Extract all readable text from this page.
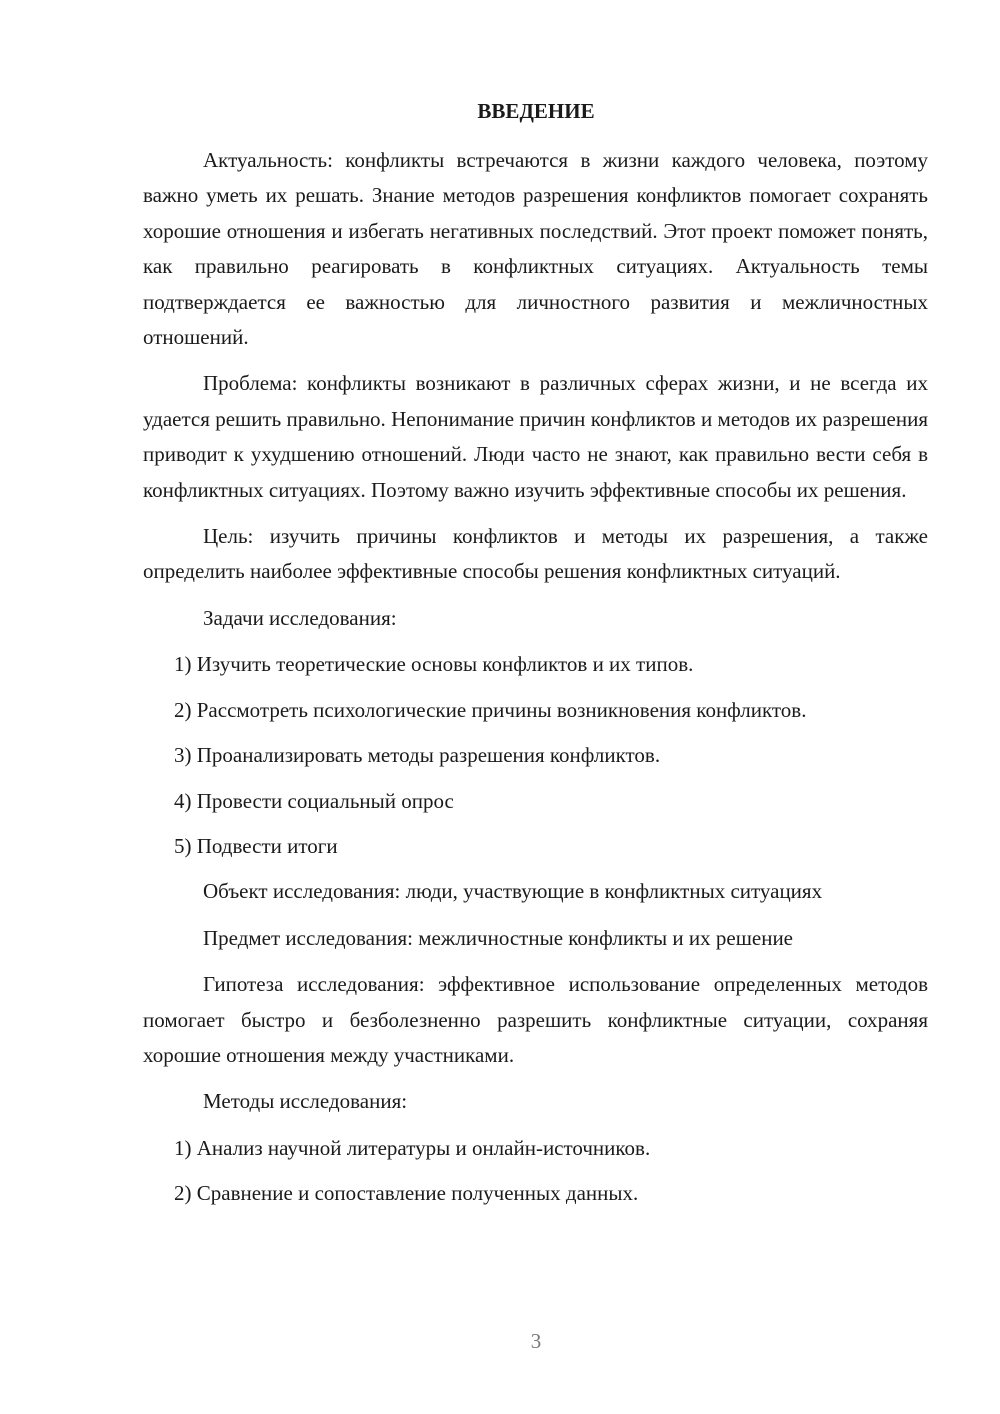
ВВЕДЕНИЕ

Актуальность: конфликты встречаются в жизни каждого человека, поэтому важно уметь их решать. Знание методов разрешения конфликтов помогает сохранять хорошие отношения и избегать негативных последствий. Этот проект поможет понять, как правильно реагировать в конфликтных ситуациях. Актуальность темы подтверждается ее важностью для личностного развития и межличностных отношений.

Проблема: конфликты возникают в различных сферах жизни, и не всегда их удается решить правильно. Непонимание причин конфликтов и методов их разрешения приводит к ухудшению отношений. Люди часто не знают, как правильно вести себя в конфликтных ситуациях. Поэтому важно изучить эффективные способы их решения.

Цель: изучить причины конфликтов и методы их разрешения, а также определить наиболее эффективные способы решения конфликтных ситуаций.

Задачи исследования:

1) Изучить теоретические основы конфликтов и их типов.

2) Рассмотреть психологические причины возникновения конфликтов.

3) Проанализировать методы разрешения конфликтов.

4) Провести социальный опрос

5) Подвести итоги

Объект исследования: люди, участвующие в конфликтных ситуациях

Предмет исследования: межличностные конфликты и их решение

Гипотеза исследования: эффективное использование определенных методов помогает быстро и безболезненно разрешить конфликтные ситуации, сохраняя хорошие отношения между участниками.

Методы исследования:

1) Анализ научной литературы и онлайн-источников.

2) Сравнение и сопоставление полученных данных.

3
